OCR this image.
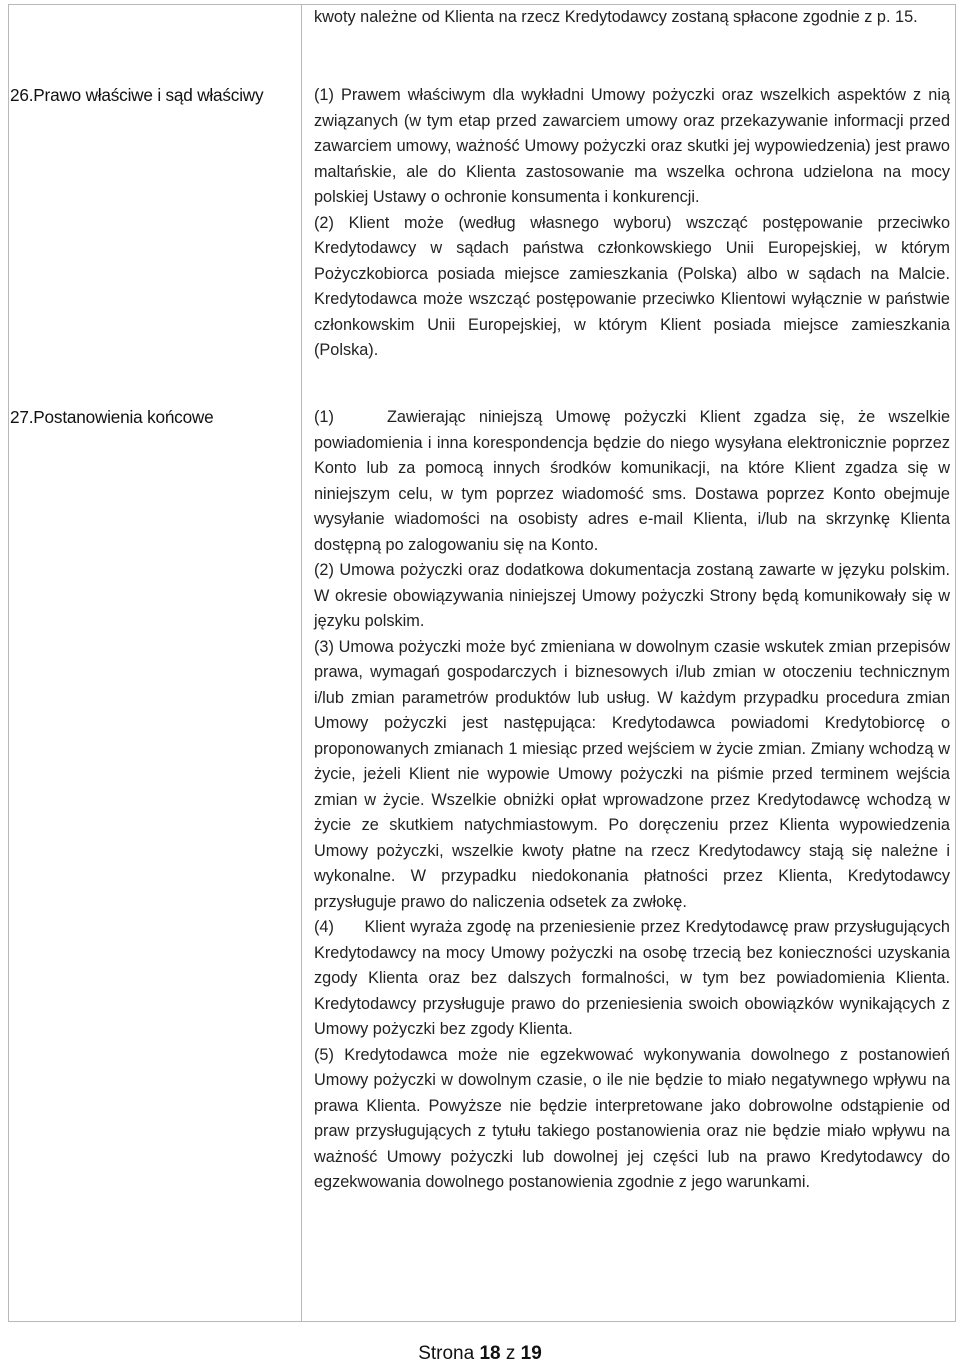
kwoty należne od Klienta na rzecz Kredytodawcy zostaną spłacone zgodnie z p. 15.

26.Prawo właściwe i sąd właściwy	(1) Prawem właściwym dla wykładni Umowy pożyczki oraz wszelkich aspektów z nią związanych (w tym etap przed zawarciem umowy oraz przekazywanie informacji przed zawarciem umowy, ważność Umowy pożyczki oraz skutki jej wypowiedzenia) jest prawo maltańskie, ale do Klienta zastosowanie ma wszelka ochrona udzielona na mocy polskiej Ustawy o ochronie konsumenta i konkurencji.

(2) Klient może (według własnego wyboru) wszcząć postępowanie przeciwko Kredytodawcy w sądach państwa członkowskiego Unii Europejskiej, w którym Pożyczkobiorca posiada miejsce zamieszkania (Polska) albo w sądach na Malcie. Kredytodawca może wszcząć postępowanie przeciwko Klientowi wyłącznie w państwie członkowskim Unii Europejskiej, w którym Klient posiada miejsce zamieszkania (Polska).

27.Postanowienia końcowe	(1)    Zawierając niniejszą Umowę pożyczki Klient zgadza się, że wszelkie powiadomienia i inna korespondencja będzie do niego wysyłana elektronicznie poprzez Konto lub za pomocą innych środków komunikacji, na które Klient zgadza się w niniejszym celu, w tym poprzez wiadomość sms. Dostawa poprzez Konto obejmuje wysyłanie wiadomości na osobisty adres e-mail Klienta, i/lub na skrzynkę Klienta dostępną po zalogowaniu się na Konto.

(2) Umowa pożyczki oraz dodatkowa dokumentacja zostaną zawarte w języku polskim. W okresie obowiązywania niniejszej Umowy pożyczki Strony będą komunikowały się w języku polskim.

(3) Umowa pożyczki może być zmieniana w dowolnym czasie wskutek zmian przepisów prawa, wymagań gospodarczych i biznesowych i/lub zmian w otoczeniu technicznym i/lub zmian parametrów produktów lub usług. W każdym przypadku procedura zmian Umowy pożyczki jest następująca: Kredytodawca powiadomi Kredytobiorcę o proponowanych zmianach 1 miesiąc przed wejściem w życie zmian. Zmiany wchodzą w życie, jeżeli Klient nie wypowie Umowy pożyczki na piśmie przed terminem wejścia zmian w życie. Wszelkie obniżki opłat wprowadzone przez Kredytodawcę wchodzą w życie ze skutkiem natychmiastowym. Po doręczeniu przez Klienta wypowiedzenia Umowy pożyczki, wszelkie kwoty płatne na rzecz Kredytodawcy stają się należne i wykonalne. W przypadku niedokonania płatności przez Klienta, Kredytodawcy przysługuje prawo do naliczenia odsetek za zwłokę.

(4)      Klient wyraża zgodę na przeniesienie przez Kredytodawcę praw przysługujących Kredytodawcy na mocy Umowy pożyczki na osobę trzecią bez konieczności uzyskania zgody Klienta oraz bez dalszych formalności, w tym bez powiadomienia Klienta. Kredytodawcy przysługuje prawo do przeniesienia swoich obowiązków wynikających z Umowy pożyczki bez zgody Klienta.

(5) Kredytodawca może nie egzekwować wykonywania dowolnego z postanowień Umowy pożyczki w dowolnym czasie, o ile nie będzie to miało negatywnego wpływu na prawa Klienta. Powyższe nie będzie interpretowane jako dobrowolne odstąpienie od praw przysługujących z tytułu takiego postanowienia oraz nie będzie miało wpływu na ważność Umowy pożyczki lub dowolnej jej części lub na prawo Kredytodawcy do egzekwowania dowolnego postanowienia zgodnie z jego warunkami.

Strona 18 z 19
